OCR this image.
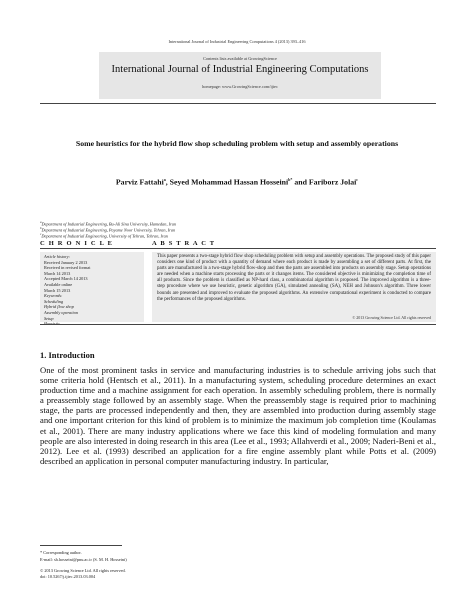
International Journal of Industrial Engineering Computations 4 (2013) 393–416
Contents lists available at GrowingScience
International Journal of Industrial Engineering Computations
homepage: www.GrowingScience.com/ijiec
Some heuristics for the hybrid flow shop scheduling problem with setup and assembly operations
Parviz Fattahi$^a$, Seyed Mohammad Hassan Hosseini$^{b*}$ and Fariborz Jolai$^c$
$^a$Department of Industrial Engineering, Bu-Ali Sina University, Hamedan, Iran
$^b$Department of Industrial Engineering, Payame Noor University, Tehran, Iran
$^c$Department of Industrial Engineering, University of Tehran, Tehran, Iran
C H R O N I C L E	A B S T R A C T
Article history:
Received January 2 2013
Received in revised format
March 14 2013
Accepted March 14 2013
Available online
March 15 2013
Keywords:
Scheduling
Hybrid flow shop
Assembly operation
Setup
Heuristic
This paper presents a two-stage hybrid flow shop scheduling problem with setup and assembly operations. The proposed study of this paper considers one kind of product with a quantity of demand where each product is made by assembling a set of different parts. At first, the parts are manufactured in a two-stage hybrid flow-shop and then the parts are assembled into products on assembly stage. Setup operations are needed when a machine starts processing the parts or it changes items. The considered objective is minimizing the completion time of all products. Since the problem is classified as NP-hard class, a combinatorial algorithm is proposed. The improved algorithm is a three-step procedure where we use heuristic, genetic algorithm (GA), simulated annealing (SA), NEH and Johnson's algorithm. Three lower bounds are presented and improved to evaluate the proposed algorithms. An extensive computational experiment is conducted to compare the performances of the proposed algorithms.
© 2013 Growing Science Ltd. All rights reserved
1. Introduction
One of the most prominent tasks in service and manufacturing industries is to schedule arriving jobs such that some criteria hold (Hentsch et al., 2011). In a manufacturing system, scheduling procedure determines an exact production time and a machine assignment for each operation. In assembly scheduling problem, there is normally a preassembly stage followed by an assembly stage. When the preassembly stage is required prior to machining stage, the parts are processed independently and then, they are assembled into production during assembly stage and one important criterion for this kind of problem is to minimize the maximum job completion time (Koulamas et al., 2001). There are many industry applications where we face this kind of modeling formulation and many people are also interested in doing research in this area (Lee et al., 1993; Allahverdi et al., 2009; Naderi-Beni et al., 2012). Lee et al. (1993) described an application for a fire engine assembly plant while Potts et al. (2009) described an application in personal computer manufacturing industry. In particular,
* Corresponding author.
E-mail: sh.hosseini@pnu.ac.ir (S. M. H. Hosseini)
© 2013 Growing Science Ltd. All rights reserved.
doi: 10.5267/j.ijiec.2013.03.004
